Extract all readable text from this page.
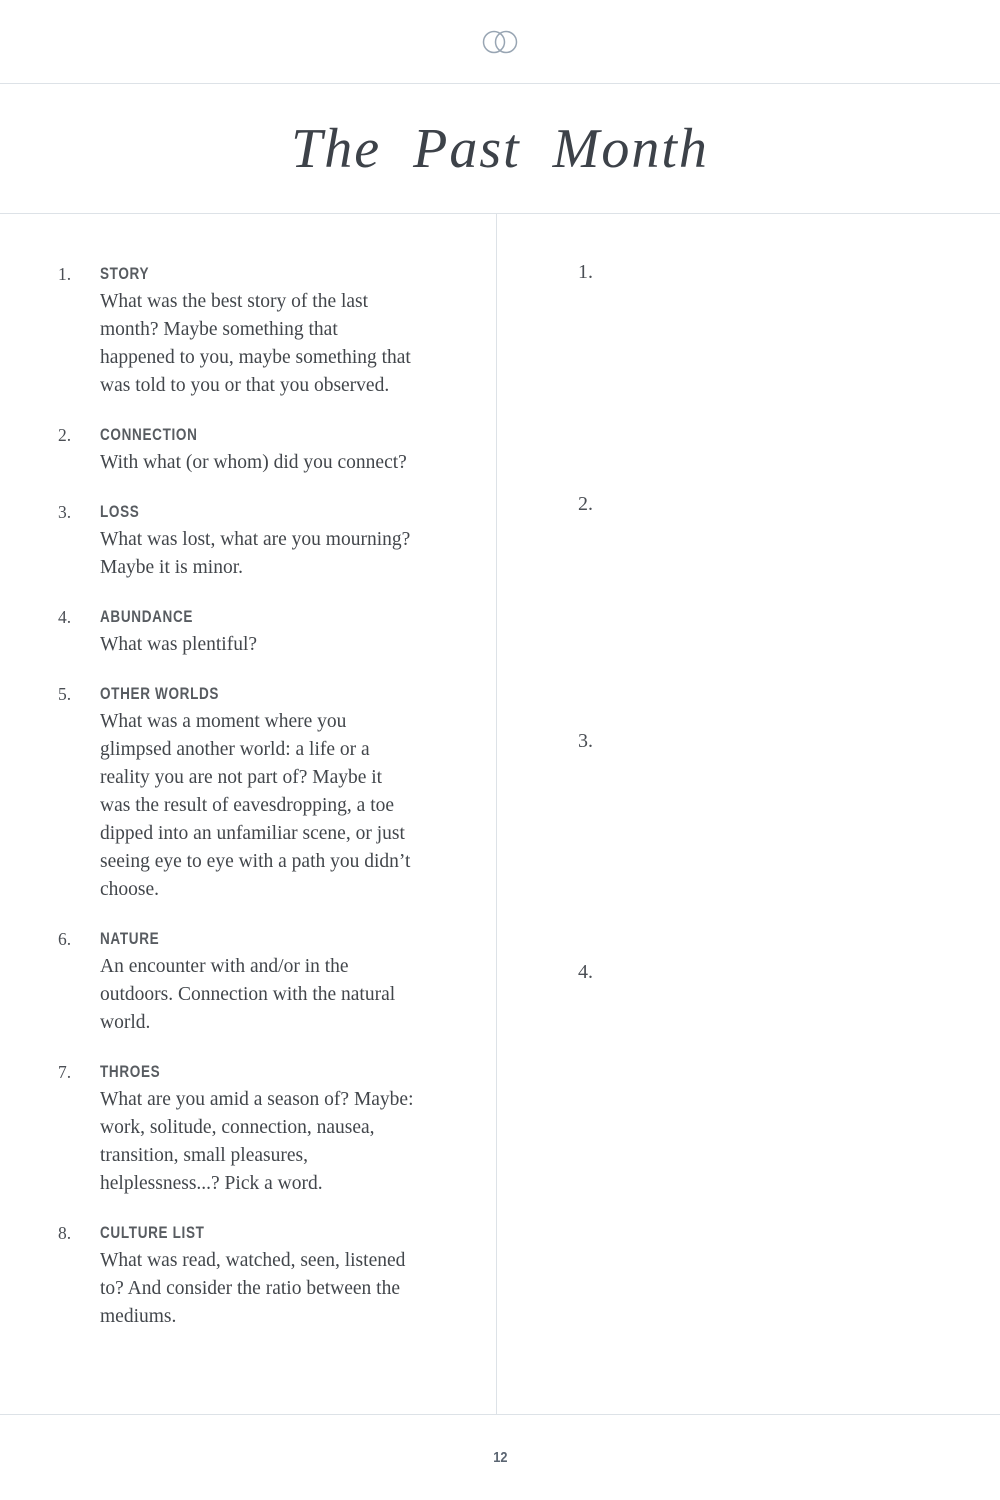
The Past Month
1.	STORY
What was the best story of the last month? Maybe something that happened to you, maybe something that was told to you or that you observed.
2.	CONNECTION
With what (or whom) did you connect?
3.	LOSS
What was lost, what are you mourning? Maybe it is minor.
4.	ABUNDANCE
What was plentiful?
5.	OTHER WORLDS
What was a moment where you glimpsed another world: a life or a reality you are not part of? Maybe it was the result of eavesdropping, a toe dipped into an unfamiliar scene, or just seeing eye to eye with a path you didn’t choose.
6.	NATURE
An encounter with and/or in the outdoors. Connection with the natural world.
7.	THROES
What are you amid a season of? Maybe: work, solitude, connection, nausea, transition, small pleasures, helplessness...? Pick a word.
8.	CULTURE LIST
What was read, watched, seen, listened to? And consider the ratio between the mediums.
1.
2.
3.
4.
12
